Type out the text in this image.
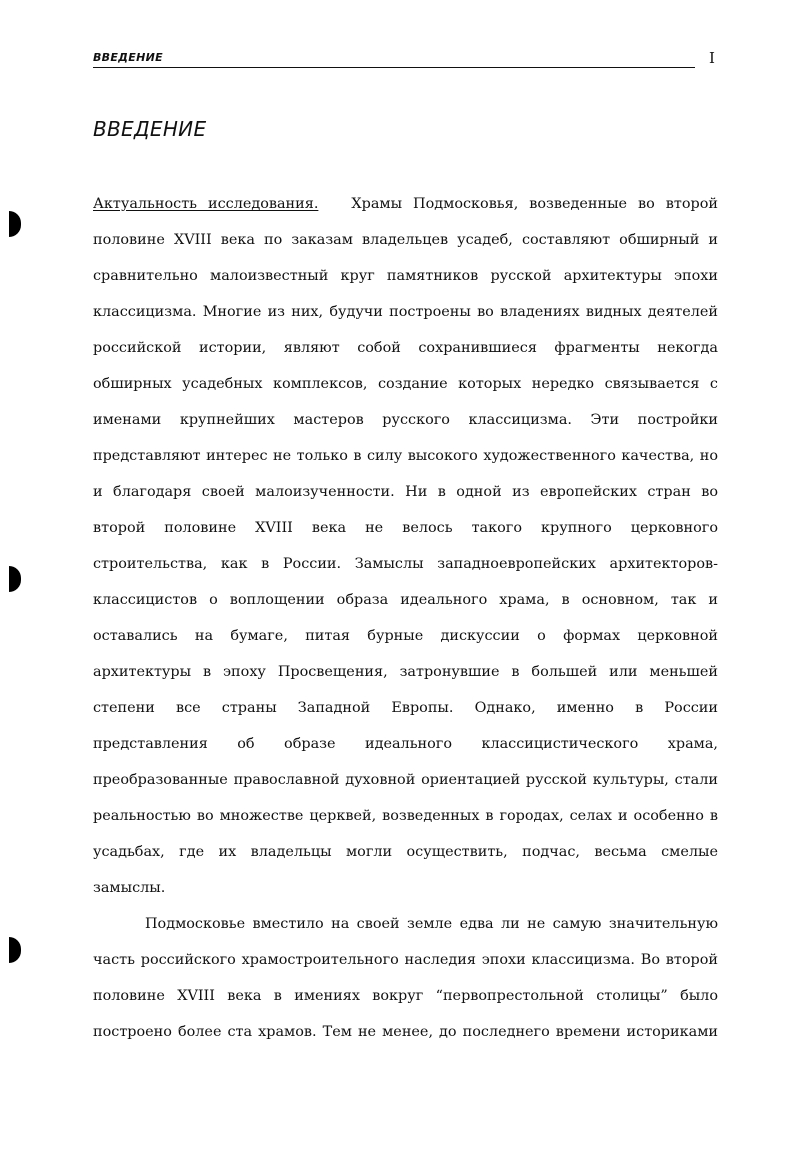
ВВЕДЕНИЕ	I
ВВЕДЕНИЕ
Актуальность исследования. Храмы Подмосковья, возведенные во второй
половине XVIII века по заказам владельцев усадеб, составляют обширный и
сравнительно малоизвестный круг памятников русской архитектуры эпохи
классицизма. Многие из них, будучи построены во владениях видных деятелей
российской истории, являют собой сохранившиеся фрагменты некогда
обширных усадебных комплексов, создание которых нередко связывается с
именами крупнейших мастеров русского классицизма. Эти постройки
представляют интерес не только в силу высокого художественного качества, но
и благодаря своей малоизученности. Ни в одной из европейских стран во
второй половине XVIII века не велось такого крупного церковного
строительства, как в России. Замыслы западноевропейских архитекторов-
классицистов о воплощении образа идеального храма, в основном, так и
оставались на бумаге, питая бурные дискуссии о формах церковной
архитектуры в эпоху Просвещения, затронувшие в большей или меньшей
степени все страны Западной Европы. Однако, именно в России
представления об образе идеального классицистического храма,
преобразованные православной духовной ориентацией русской культуры, стали
реальностью во множестве церквей, возведенных в городах, селах и особенно в
усадьбах, где их владельцы могли осуществить, подчас, весьма смелые
замыслы.
Подмосковье вместило на своей земле едва ли не самую значительную
часть российского храмостроительного наследия эпохи классицизма. Во второй
половине XVIII века в имениях вокруг “первопрестольной столицы” было
построено более ста храмов. Тем не менее, до последнего времени историками
